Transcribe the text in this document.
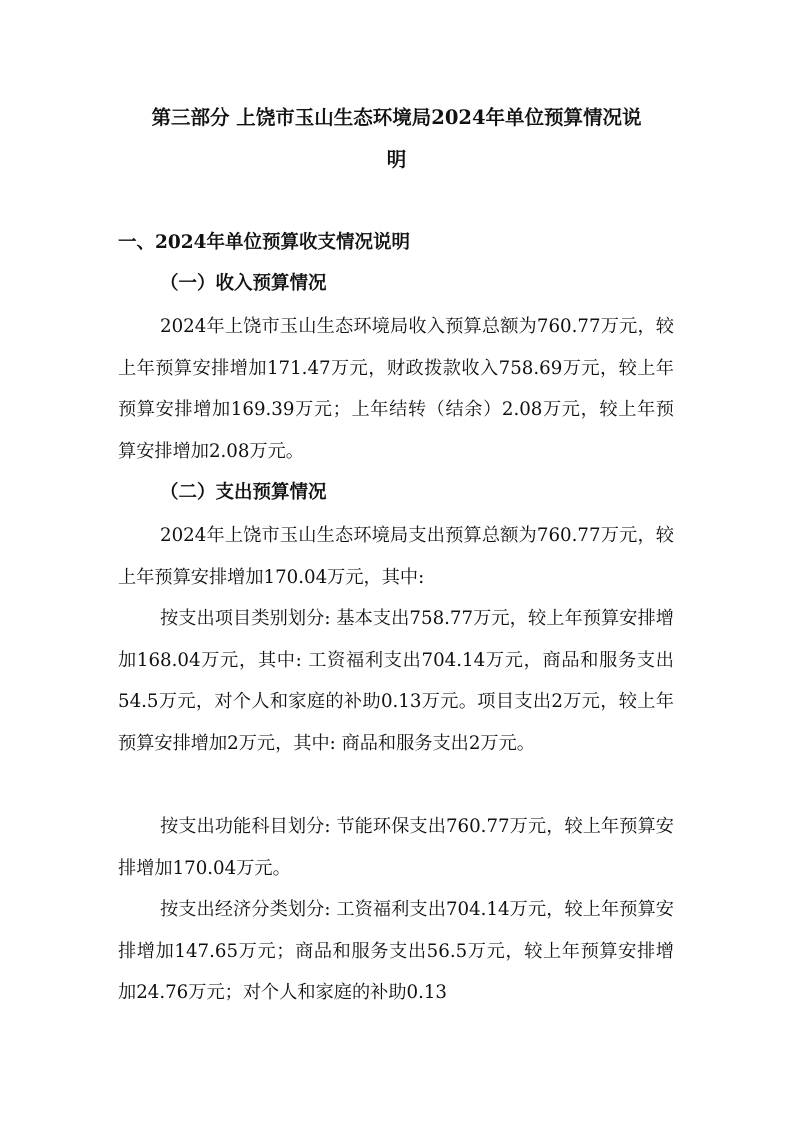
第三部分 上饶市玉山生态环境局2024年单位预算情况说
明
一、2024年单位预算收支情况说明
（一）收入预算情况

2024年上饶市玉山生态环境局收入预算总额为760.77万元，较上年预算安排增加171.47万元，财政拨款收入758.69万元，较上年预算安排增加169.39万元；上年结转（结余）2.08万元，较上年预算安排增加2.08万元。

（二）支出预算情况

2024年上饶市玉山生态环境局支出预算总额为760.77万元，较上年预算安排增加170.04万元，其中:

按支出项目类别划分: 基本支出758.77万元，较上年预算安排增加168.04万元，其中: 工资福利支出704.14万元，商品和服务支出54.5万元，对个人和家庭的补助0.13万元。项目支出2万元，较上年预算安排增加2万元，其中: 商品和服务支出2万元。

按支出功能科目划分: 节能环保支出760.77万元，较上年预算安排增加170.04万元。

按支出经济分类划分: 工资福利支出704.14万元，较上年预算安排增加147.65万元；商品和服务支出56.5万元，较上年预算安排增加24.76万元；对个人和家庭的补助0.13
